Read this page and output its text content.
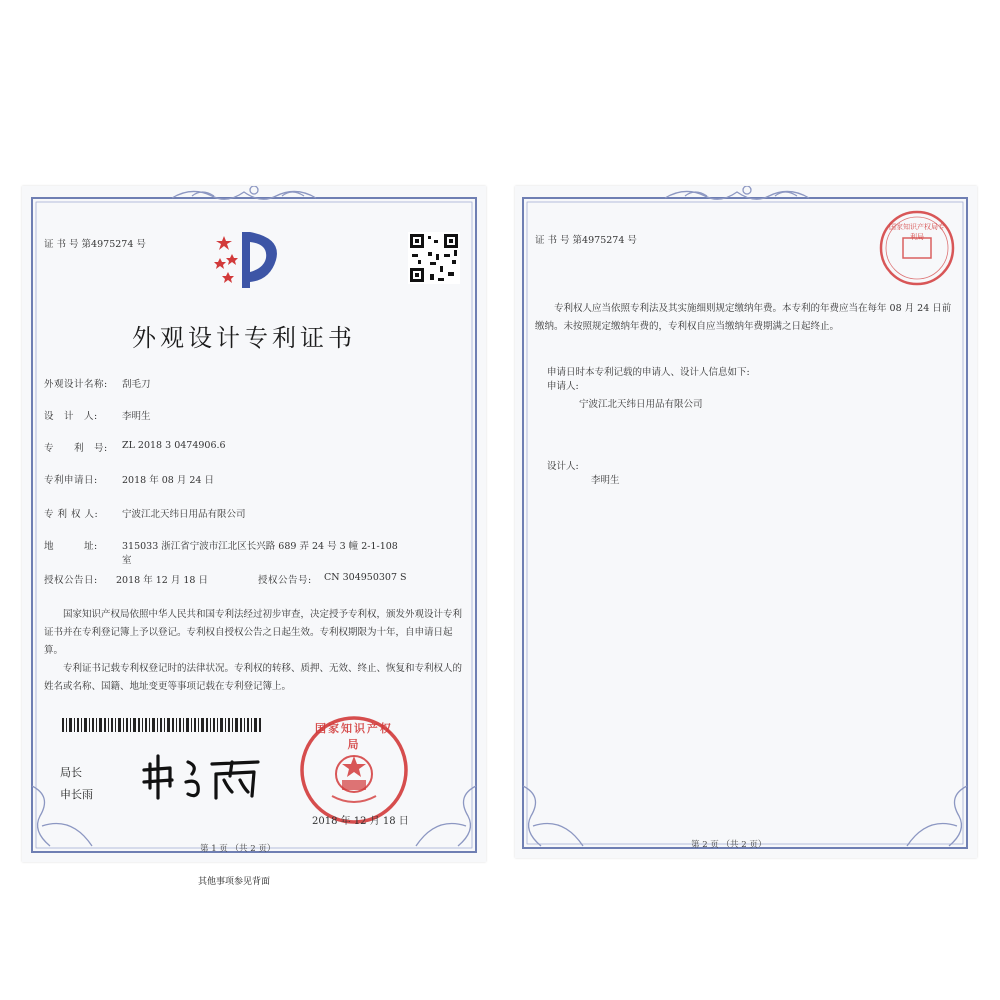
证 书 号 第4975274 号
外观设计专利证书
外观设计名称: 刮毛刀
设　计　人:	李明生
专　　利　号: ZL 2018 3 0474906.6
专利申请日:	2018 年 08 月 24 日
专 利 权 人: 宁波江北天纬日用品有限公司
地　　　址:	315033 浙江省宁波市江北区长兴路 689 弄 24 号 3 幢 2-1-108
室
授权公告日: 2018 年 12 月 18 日	授权公告号: CN 304950307 S
国家知识产权局依照中华人民共和国专利法经过初步审查，决定授予专利权，颁发外观设计专利证书并在专利登记簿上予以登记。专利权自授权公告之日起生效。专利权期限为十年，自申请日起算。
专利证书记载专利权登记时的法律状况。专利权的转移、质押、无效、终止、恢复和专利权人的姓名或名称、国籍、地址变更等事项记载在专利登记簿上。
局长
申长雨
国家知识产权局
2018 年 12 月 18 日
第 1 页 （共 2 页）
证 书 号 第4975274 号
国家知识产权局专利局
专利权人应当依照专利法及其实施细则规定缴纳年费。本专利的年费应当在每年 08 月 24 日前缴纳。未按照规定缴纳年费的，专利权自应当缴纳年费期满之日起终止。
申请日时本专利记载的申请人、设计人信息如下:
申请人:
宁波江北天纬日用品有限公司
设计人:
李明生
第 2 页 （共 2 页）
其他事项参见背面
